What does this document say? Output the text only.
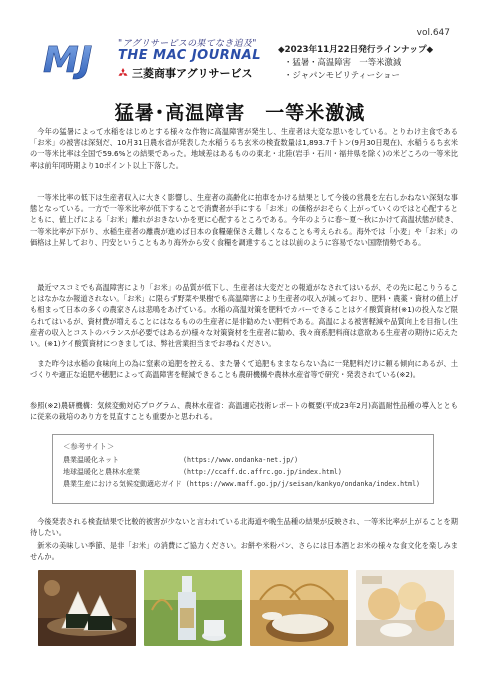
MJ	"アグリサービスの果てなき追及"
THE MAC JOURNAL
三菱商事アグリサービス
vol.647
◆2023年11月22日発行ラインナップ◆
・猛暑・高温障害　一等米激減
・ジャパンモビリティーショー
猛暑･高温障害　一等米激減

今年の猛暑によって水稲をはじめとする様々な作物に高温障害が発生し、生産者は大変な思いをしている。とりわけ主食である「お米」の被害は深刻だ、10月31日農水省が発表した水稲うるち玄米の検査数量は1,893.7千トン(9月30日現在)、水稲うるち玄米の一等米比率は全国で59.6%との結果であった。地域差はあるものの東北・北陸(岩手・石川・福井県を除く)の米どころの一等米比率は前年同時期より10ポイント以上下落した。

一等米比率の低下は生産者収入に大きく影響し、生産者の高齢化に拍車をかける結果として今後の営農を左右しかねない深刻な事態となっている。一方で一等米比率が低下することで消費者が手にする「お米」の価格がおそらく上がっていくのではと心配するとともに、値上げによる「お米」離れがおきないかを更に心配するところである。今年のように春～夏～秋にかけて高温状態が続き、一等米比率が下がり、水稲生産者の離農が進めば日本の食糧確保さえ難しくなることも考えられる。海外では「小麦」や「お米」の価格は上昇しており、円安ということもあり海外から安く食糧を調達することは以前のように容易でない国際情勢である。

最近マスコミでも高温障害により「お米」の品質が低下し、生産者は大変だとの報道がなされてはいるが、その先に起こりうることはなかなか報道されない。「お米」に限らず野菜や果樹でも高温障害により生産者の収入が減っており、肥料・農薬・資材の値上げも相まって日本の多くの農家さんは悲鳴をあげている。水稲の高温対策を肥料でカバーできることはケイ酸質資材(※1)の投入など限られてはいるが、資材費が増えることにはなるものの生産者に是非勧めたい肥料である。高温による被害軽減や品質向上を目指し(生産者の収入とコストのバランスが必要ではあるが)様々な対策資材を生産者に勧め、我々商系肥料商は意欲ある生産者の期待に応えたい。(※1)ケイ酸質資材につきましては、弊社営業担当までお尋ねください。

また昨今は水稲の食味向上の為に窒素の追肥を控える、また暑くて追肥もままならない為に一発肥料だけに頼る傾向にあるが、土づくりや適正な追肥や穂肥によって高温障害を軽減できることも農研機構や農林水産省等で研究・発表されている(※2)。

参照(※2)農研機構：気候変動対応プログラム、農林水産省：高温適応技術レポートの概要(平成23年2月)高温耐性品種の導入とともに従来の栽培のあり方を見直すことも重要かと思われる。

＜参考サイト＞
農業温暖化ネット	(https://www.ondanka-net.jp/)
地球温暖化と農林水産業	(http://ccaff.dc.affrc.go.jp/index.html)
農業生産における気候変動適応ガイド (https://www.maff.go.jp/j/seisan/kankyo/ondanka/index.html)

今後発表される検査結果で比較的被害が少ないと言われている北海道や晩生品種の結果が反映され、一等米比率が上がることを期待したい。

新米の美味しい季節、是非「お米」の消費にご協力ください。お餅や米粉パン、さらには日本酒とお米の様々な食文化を楽しみませんか。
